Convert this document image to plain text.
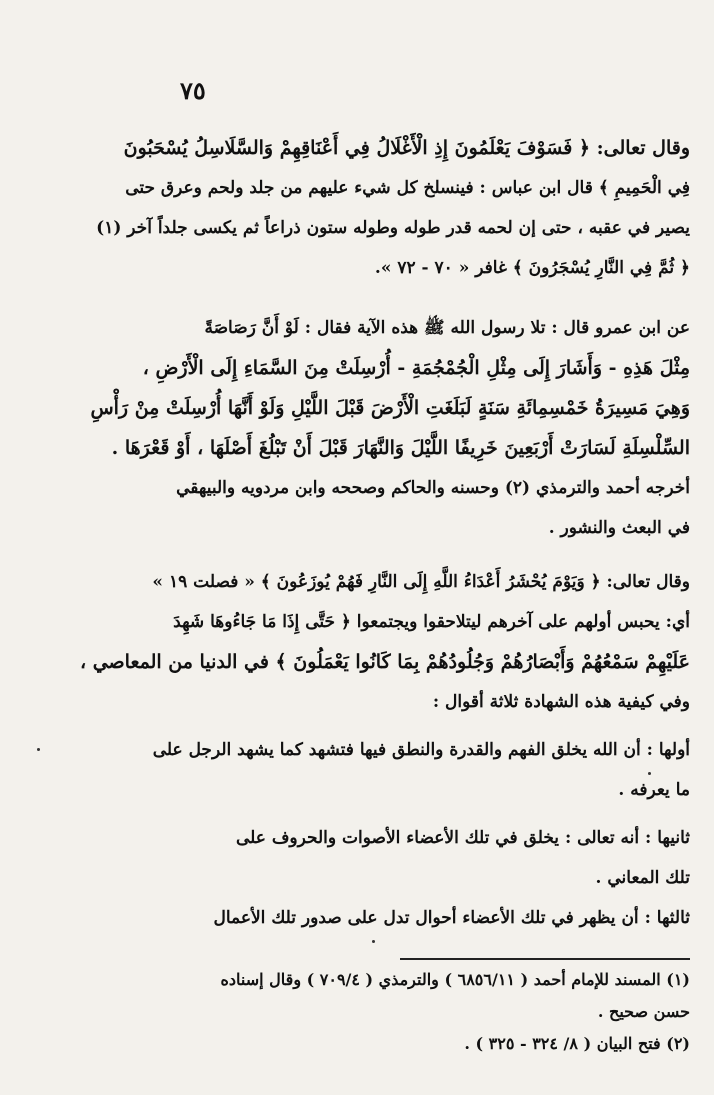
٧٥
وقال تعالى: ﴿ فَسَوْفَ يَعْلَمُونَ إِذِ الْأَغْلَالُ فِي أَعْنَاقِهِمْ وَالسَّلَاسِلُ يُسْحَبُونَ
فِي الْحَمِيمِ ﴾ قال ابن عباس : فينسلخ كل شيء عليهم من جلد ولحم وعرق حتى
يصير في عقبه ، حتى إن لحمه قدر طوله وطوله ستون ذراعاً ثم يكسى جلداً آخر (١)
﴿ ثُمَّ فِي النَّارِ يُسْجَرُونَ ﴾ غافر « ٧٠ - ٧٢ ».
عن ابن عمرو قال : تلا رسول الله ﷺ هذه الآية فقال : لَوْ أَنَّ رَصَاصَةً
مِثْلَ هَذِهِ - وَأَشَارَ إِلَى مِثْلِ الْجُمْجُمَةِ - أُرْسِلَتْ مِنَ السَّمَاءِ إِلَى الْأَرْضِ ،
وَهِيَ مَسِيرَةُ خَمْسِمِائَةِ سَنَةٍ لَبَلَغَتِ الْأَرْضَ قَبْلَ اللَّيْلِ وَلَوْ أَنَّهَا أُرْسِلَتْ مِنْ رَأْسِ
السِّلْسِلَةِ لَسَارَتْ أَرْبَعِينَ خَرِيفًا اللَّيْلَ وَالنَّهَارَ قَبْلَ أَنْ تَبْلُغَ أَصْلَهَا ، أَوْ قَعْرَهَا .
أخرجه أحمد والترمذي (٢) وحسنه والحاكم وصححه وابن مردويه والبيهقي
في البعث والنشور .
وقال تعالى: ﴿ وَيَوْمَ يُحْشَرُ أَعْدَاءُ اللَّهِ إِلَى النَّارِ فَهُمْ يُوزَعُونَ ﴾ « فصلت ١٩ »
أي: يحبس أولهم على آخرهم ليتلاحقوا ويجتمعوا ﴿ حَتَّى إِذَا مَا جَاءُوهَا شَهِدَ
عَلَيْهِمْ سَمْعُهُمْ وَأَبْصَارُهُمْ وَجُلُودُهُمْ بِمَا كَانُوا يَعْمَلُونَ ﴾ في الدنيا من المعاصي ،
وفي كيفية هذه الشهادة ثلاثة أقوال :
أولها : أن الله يخلق الفهم والقدرة والنطق فيها فتشهد كما يشهد الرجل على
ما يعرفه .
ثانيها : أنه تعالى : يخلق في تلك الأعضاء الأصوات والحروف على
تلك المعاني .
ثالثها : أن يظهر في تلك الأعضاء أحوال تدل على صدور تلك الأعمال
(١) المسند للإمام أحمد ( ٦٨٥٦/١١ ) والترمذي ( ٧٠٩/٤ ) وقال إسناده
حسن صحيح .
(٢) فتح البيان ( ٨/ ٣٢٤ - ٣٢٥ ) .
